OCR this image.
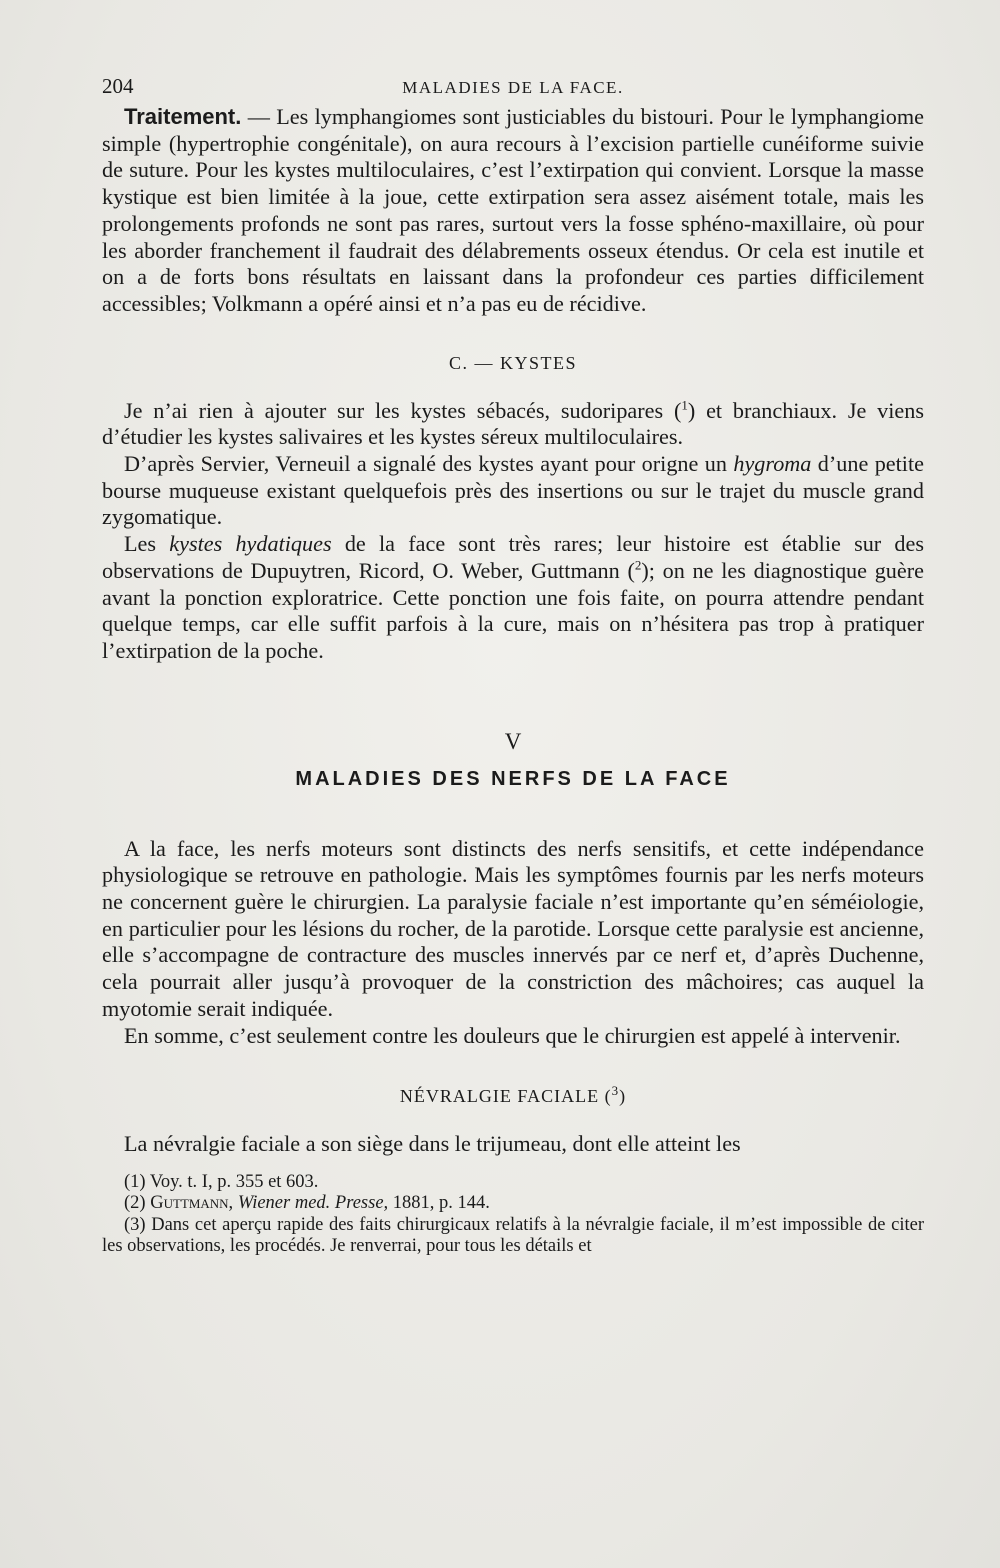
204	MALADIES DE LA FACE.

Traitement. — Les lymphangiomes sont justiciables du bistouri. Pour le lymphangiome simple (hypertrophie congénitale), on aura recours à l’excision partielle cunéiforme suivie de suture. Pour les kystes multiloculaires, c’est l’extirpation qui convient. Lorsque la masse kystique est bien limitée à la joue, cette extirpation sera assez aisément totale, mais les prolongements profonds ne sont pas rares, surtout vers la fosse sphéno-maxillaire, où pour les aborder franchement il faudrait des délabrements osseux étendus. Or cela est inutile et on a de forts bons résultats en laissant dans la profondeur ces parties difficilement accessibles; Volkmann a opéré ainsi et n’a pas eu de récidive.

C. — KYSTES

Je n’ai rien à ajouter sur les kystes sébacés, sudoripares ($^1$) et branchiaux. Je viens d’étudier les kystes salivaires et les kystes séreux multiloculaires.

D’après Servier, Verneuil a signalé des kystes ayant pour origne un hygroma d’une petite bourse muqueuse existant quelquefois près des insertions ou sur le trajet du muscle grand zygomatique.

Les kystes hydatiques de la face sont très rares; leur histoire est établie sur des observations de Dupuytren, Ricord, O. Weber, Guttmann ($^2$); on ne les diagnostique guère avant la ponction exploratrice. Cette ponction une fois faite, on pourra attendre pendant quelque temps, car elle suffit parfois à la cure, mais on n’hésitera pas trop à pratiquer l’extirpation de la poche.

V
MALADIES DES NERFS DE LA FACE

A la face, les nerfs moteurs sont distincts des nerfs sensitifs, et cette indépendance physiologique se retrouve en pathologie. Mais les symptômes fournis par les nerfs moteurs ne concernent guère le chirurgien. La paralysie faciale n’est importante qu’en séméiologie, en particulier pour les lésions du rocher, de la parotide. Lorsque cette paralysie est ancienne, elle s’accompagne de contracture des muscles innervés par ce nerf et, d’après Duchenne, cela pourrait aller jusqu’à provoquer de la constriction des mâchoires; cas auquel la myotomie serait indiquée.

En somme, c’est seulement contre les douleurs que le chirurgien est appelé à intervenir.

NÉVRALGIE FACIALE ($^3$)

La névralgie faciale a son siège dans le trijumeau, dont elle atteint les

(1) Voy. t. I, p. 355 et 603.
(2) Guttmann, Wiener med. Presse, 1881, p. 144.
(3) Dans cet aperçu rapide des faits chirurgicaux relatifs à la névralgie faciale, il m’est impossible de citer les observations, les procédés. Je renverrai, pour tous les détails et
